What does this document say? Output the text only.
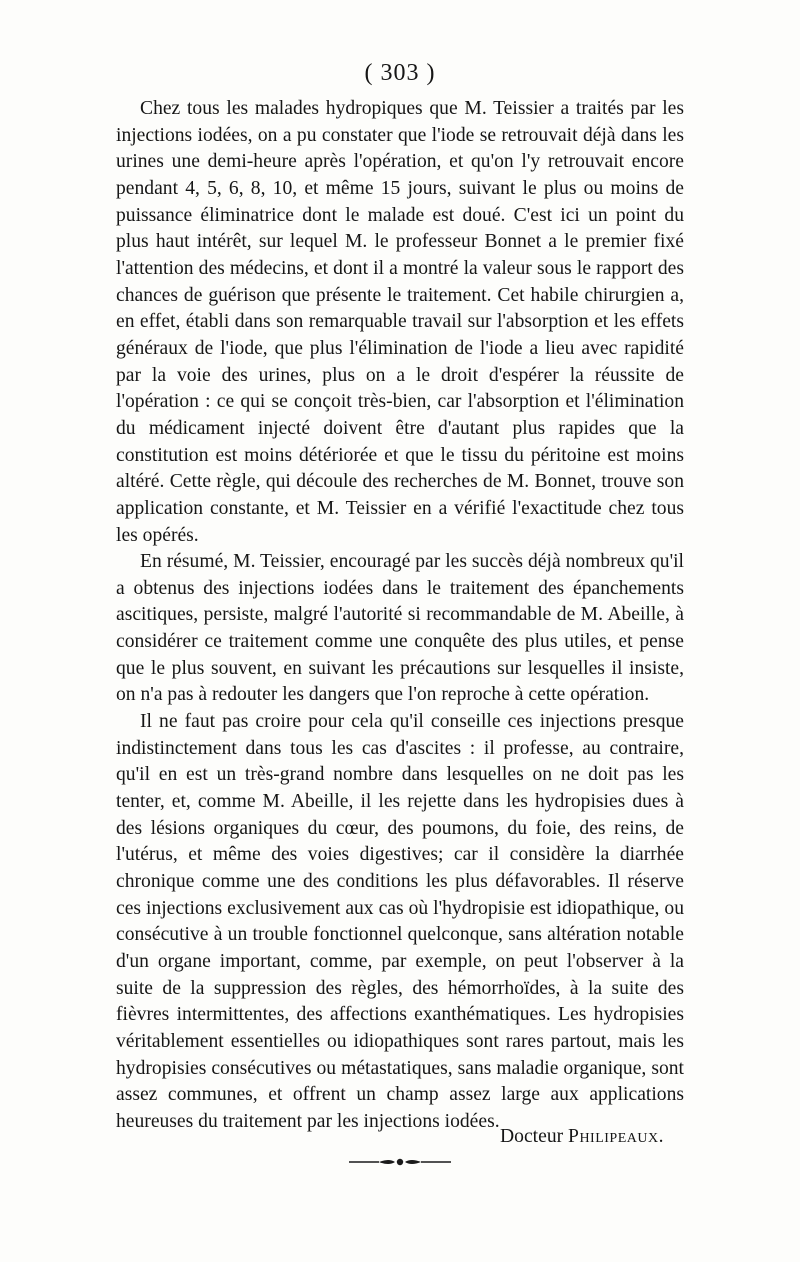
( 303 )

Chez tous les malades hydropiques que M. Teissier a traités par les injections iodées, on a pu constater que l'iode se retrouvait déjà dans les urines une demi-heure après l'opération, et qu'on l'y retrouvait encore pendant 4, 5, 6, 8, 10, et même 15 jours, suivant le plus ou moins de puissance éliminatrice dont le malade est doué. C'est ici un point du plus haut intérêt, sur lequel M. le professeur Bonnet a le premier fixé l'attention des médecins, et dont il a montré la valeur sous le rapport des chances de guérison que présente le traitement. Cet habile chirurgien a, en effet, établi dans son remarquable travail sur l'absorption et les effets généraux de l'iode, que plus l'élimination de l'iode a lieu avec rapidité par la voie des urines, plus on a le droit d'espérer la réussite de l'opération : ce qui se conçoit très-bien, car l'absorption et l'élimination du médicament injecté doivent être d'autant plus rapides que la constitution est moins détériorée et que le tissu du péritoine est moins altéré. Cette règle, qui découle des recherches de M. Bonnet, trouve son application constante, et M. Teissier en a vérifié l'exactitude chez tous les opérés.

En résumé, M. Teissier, encouragé par les succès déjà nombreux qu'il a obtenus des injections iodées dans le traitement des épanchements ascitiques, persiste, malgré l'autorité si recommandable de M. Abeille, à considérer ce traitement comme une conquête des plus utiles, et pense que le plus souvent, en suivant les précautions sur lesquelles il insiste, on n'a pas à redouter les dangers que l'on reproche à cette opération.

Il ne faut pas croire pour cela qu'il conseille ces injections presque indistinctement dans tous les cas d'ascites : il professe, au contraire, qu'il en est un très-grand nombre dans lesquelles on ne doit pas les tenter, et, comme M. Abeille, il les rejette dans les hydropisies dues à des lésions organiques du cœur, des poumons, du foie, des reins, de l'utérus, et même des voies digestives; car il considère la diarrhée chronique comme une des conditions les plus défavorables. Il réserve ces injections exclusivement aux cas où l'hydropisie est idiopathique, ou consécutive à un trouble fonctionnel quelconque, sans altération notable d'un organe important, comme, par exemple, on peut l'observer à la suite de la suppression des règles, des hémorrhoïdes, à la suite des fièvres intermittentes, des affections exanthématiques. Les hydropisies véritablement essentielles ou idiopathiques sont rares partout, mais les hydropisies consécutives ou métastatiques, sans maladie organique, sont assez communes, et offrent un champ assez large aux applications heureuses du traitement par les injections iodées.

Docteur Philipeaux.
